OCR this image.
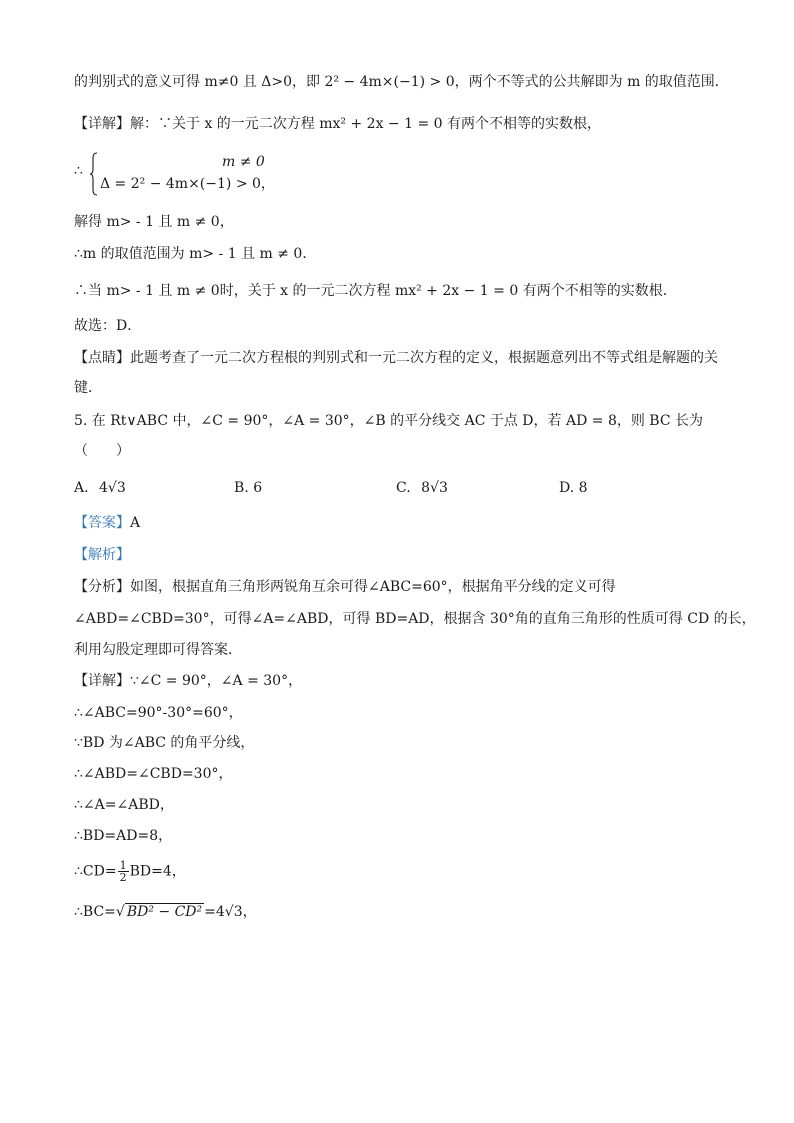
的判别式的意义可得 m≠0 且 Δ>0，即 2² − 4m×(−1) > 0，两个不等式的公共解即为 m 的取值范围．
【详解】解：∵关于 x 的一元二次方程 mx² + 2x − 1 = 0 有两个不相等的实数根，
∴
m ≠ 0
Δ = 2² − 4m×(−1) > 0，
解得 m> - 1 且 m ≠ 0，
∴m 的取值范围为 m> - 1 且 m ≠ 0．
∴当 m> - 1 且 m ≠ 0时，关于 x 的一元二次方程 mx² + 2x − 1 = 0 有两个不相等的实数根．
故选：D．
【点睛】此题考查了一元二次方程根的判别式和一元二次方程的定义，根据题意列出不等式组是解题的关
键．
5. 在 Rt∨ABC 中，∠C = 90°，∠A = 30°，∠B 的平分线交 AC 于点 D，若 AD = 8，则 BC 长为
（　　）
A. 4√3	B. 6	C. 8√3	D. 8
【答案】A
【解析】
【分析】如图，根据直角三角形两锐角互余可得∠ABC=60°，根据角平分线的定义可得
∠ABD=∠CBD=30°，可得∠A=∠ABD，可得 BD=AD，根据含 30°角的直角三角形的性质可得 CD 的长，
利用勾股定理即可得答案．
【详解】∵∠C = 90°，∠A = 30°，
∴∠ABC=90°-30°=60°，
∵BD 为∠ABC 的角平分线，
∴∠ABD=∠CBD=30°，
∴∠A=∠ABD，
∴BD=AD=8，
∴CD= $\frac{1}{2} BD=4$，
∴BC=√ BD² − CD² =4√3，
